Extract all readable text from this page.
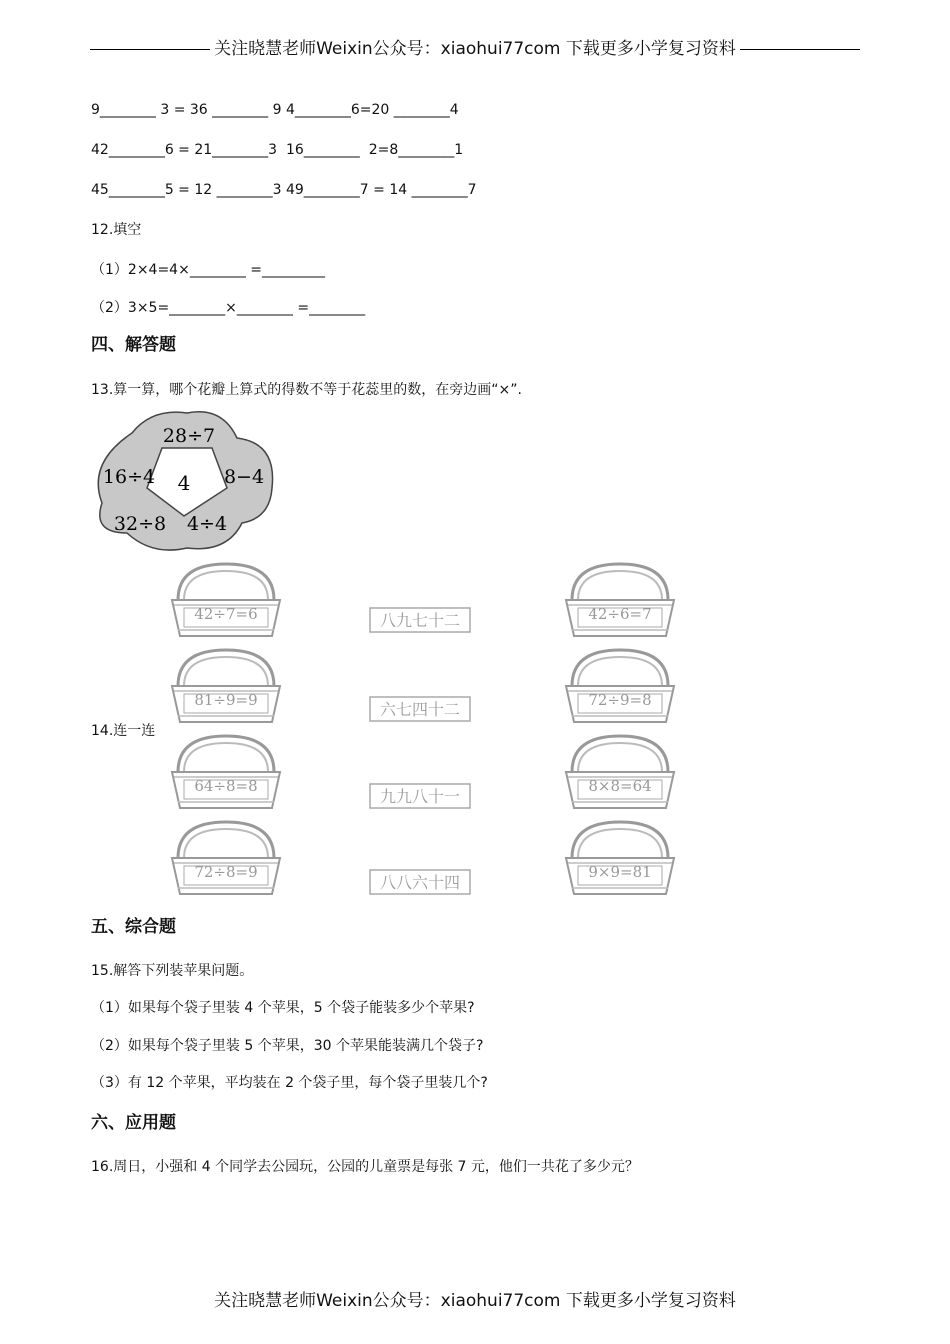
关注晓慧老师Weixin公众号：xiaohui77com 下载更多小学复习资料
9________ 3 = 36 ________ 9 4________6=20 ________4
42________6 = 21________3  16________  2=8________1
45________5 = 12 ________3 49________7 = 14 ________7
12.填空
（1）2×4=4×________ =_________
（2）3×5=________×________ =________
四、解答题
13.算一算，哪个花瓣上算式的得数不等于花蕊里的数，在旁边画“×”.
4
28÷7
8−4
4÷4
32÷8
16÷4
14.连一连
42÷7=6
81÷9=9
64÷8=8
72÷8=9
42÷6=7
72÷9=8
8×8=64
9×9=81
八九七十二
六七四十二
九九八十一
八八六十四
五、综合题
15.解答下列装苹果问题。
（1）如果每个袋子里装 4 个苹果，5 个袋子能装多少个苹果?
（2）如果每个袋子里装 5 个苹果，30 个苹果能装满几个袋子?
（3）有 12 个苹果，平均装在 2 个袋子里，每个袋子里装几个?
六、应用题
16.周日，小强和 4 个同学去公园玩，公园的儿童票是每张 7 元，他们一共花了多少元？
关注晓慧老师Weixin公众号：xiaohui77com 下载更多小学复习资料
